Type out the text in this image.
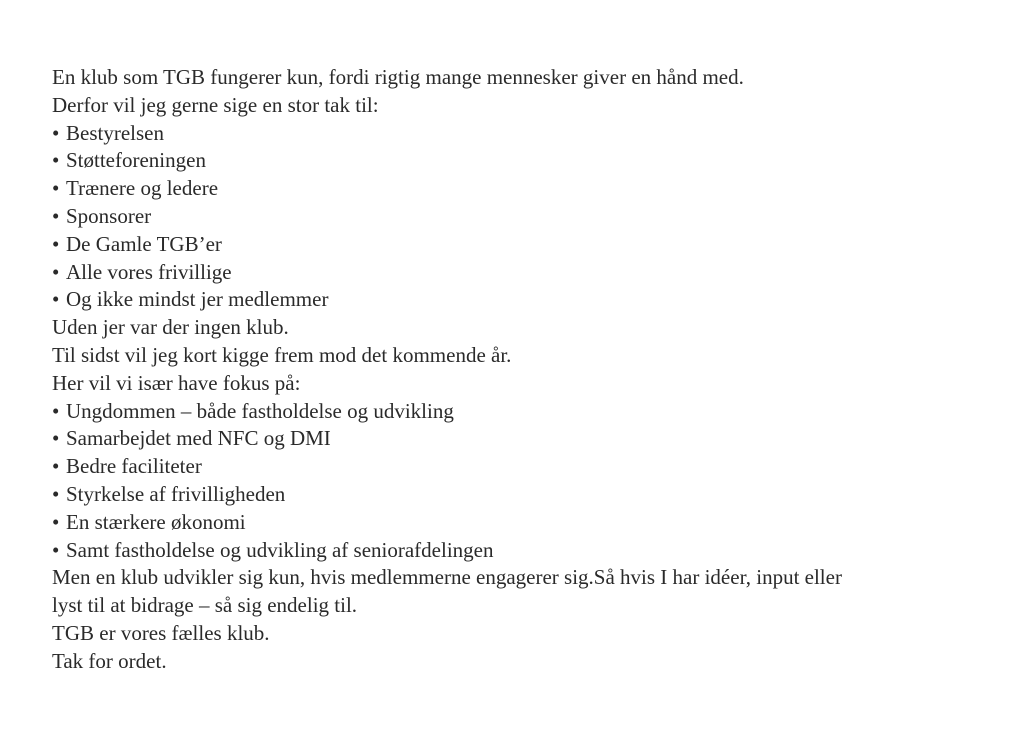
En klub som TGB fungerer kun, fordi rigtig mange mennesker giver en hånd med.
Derfor vil jeg gerne sige en stor tak til:
• Bestyrelsen
• Støtteforeningen
• Trænere og ledere
• Sponsorer
• De Gamle TGB’er
• Alle vores frivillige
• Og ikke mindst jer medlemmer
Uden jer var der ingen klub.
Til sidst vil jeg kort kigge frem mod det kommende år.
Her vil vi især have fokus på:
• Ungdommen – både fastholdelse og udvikling
• Samarbejdet med NFC og DMI
• Bedre faciliteter
• Styrkelse af frivilligheden
• En stærkere økonomi
• Samt fastholdelse og udvikling af seniorafdelingen
Men en klub udvikler sig kun, hvis medlemmerne engagerer sig.Så hvis I har idéer, input eller
lyst til at bidrage – så sig endelig til.
TGB er vores fælles klub.
Tak for ordet.
